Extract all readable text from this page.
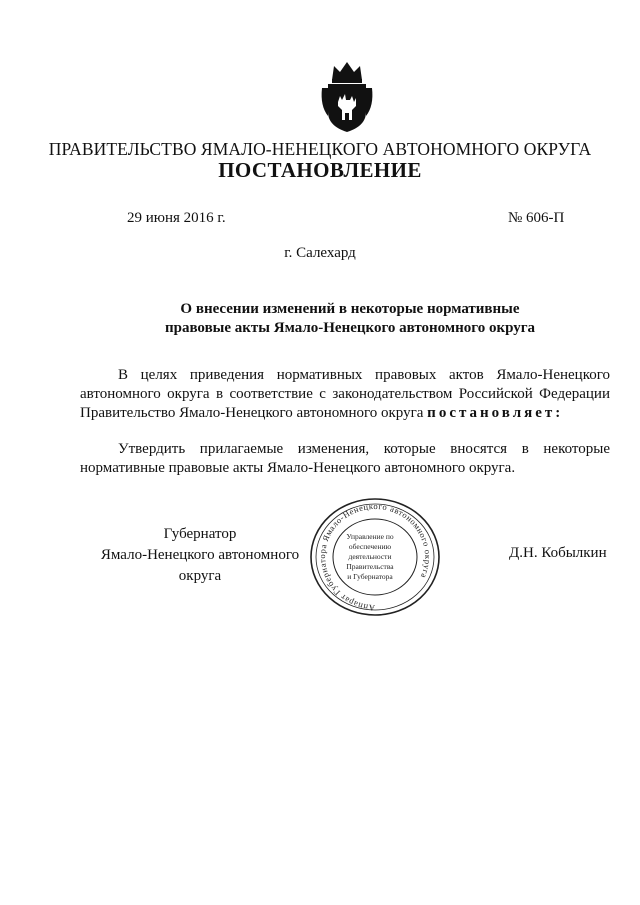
ПРАВИТЕЛЬСТВО ЯМАЛО-НЕНЕЦКОГО АВТОНОМНОГО ОКРУГА
ПОСТАНОВЛЕНИЕ
29 июня 2016 г.	№ 606-П
г. Салехард
О внесении изменений в некоторые нормативные
правовые акты Ямало-Ненецкого автономного округа
В целях приведения нормативных правовых актов Ямало-Ненецкого
автономного округа в соответствие с законодательством Российской Федерации
Правительство Ямало-Ненецкого автономного округа постановляет:
Утвердить прилагаемые изменения, которые вносятся в некоторые
нормативные правовые акты Ямало-Ненецкого автономного округа.
Губернатор
Ямало-Ненецкого автономного округа
Д.Н. Кобылкин
Аппарат Губернатора Ямало-Ненецкого автономного округа
Управление по
обеспечению
деятельности
Правительства
и Губернатора
